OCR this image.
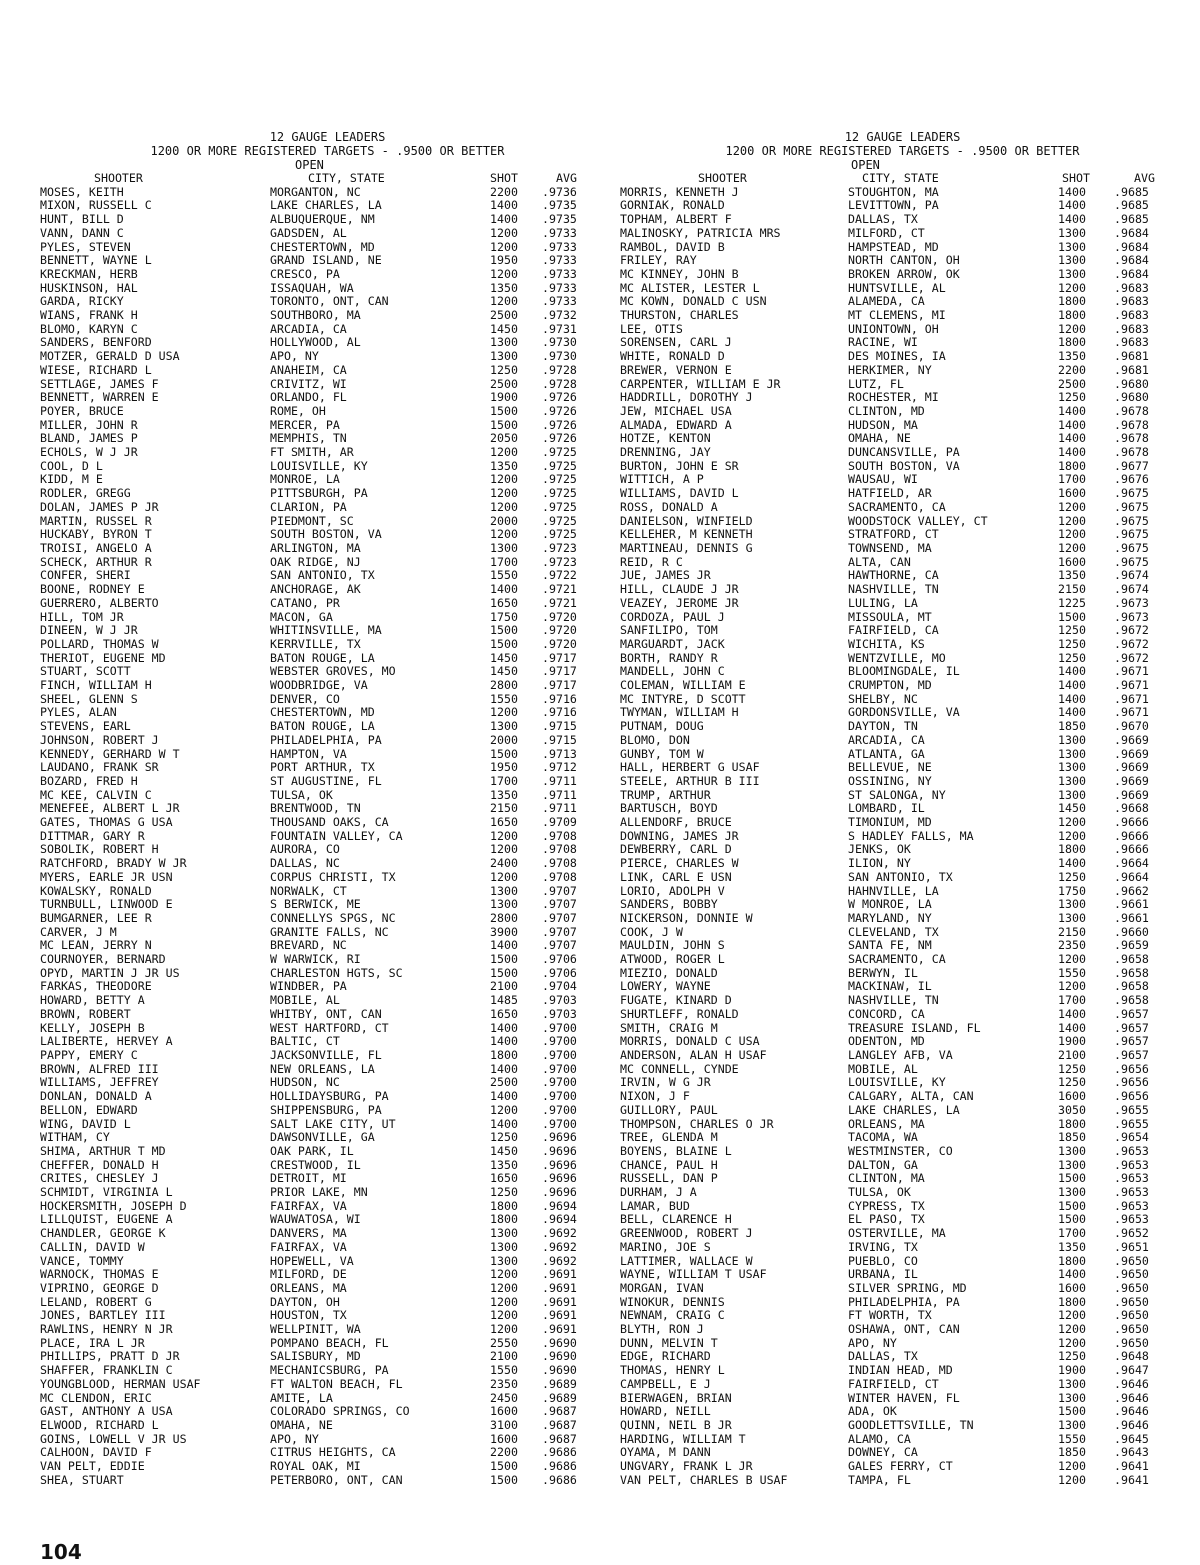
12 GAUGE LEADERS
1200 OR MORE REGISTERED TARGETS - .9500 OR BETTER
OPEN
SHOOTER	CITY, STATE	SHOT	AVG
MOSES, KEITH	MORGANTON, NC	2200	.9736
MIXON, RUSSELL C	LAKE CHARLES, LA	1400	.9735
HUNT, BILL D	ALBUQUERQUE, NM	1400	.9735
VANN, DANN C	GADSDEN, AL	1200	.9733
PYLES, STEVEN	CHESTERTOWN, MD	1200	.9733
BENNETT, WAYNE L	GRAND ISLAND, NE	1950	.9733
KRECKMAN, HERB	CRESCO, PA	1200	.9733
HUSKINSON, HAL	ISSAQUAH, WA	1350	.9733
GARDA, RICKY	TORONTO, ONT, CAN	1200	.9733
WIANS, FRANK H	SOUTHBORO, MA	2500	.9732
BLOMO, KARYN C	ARCADIA, CA	1450	.9731
SANDERS, BENFORD	HOLLYWOOD, AL	1300	.9730
MOTZER, GERALD D USA	APO, NY	1300	.9730
WIESE, RICHARD L	ANAHEIM, CA	1250	.9728
SETTLAGE, JAMES F	CRIVITZ, WI	2500	.9728
BENNETT, WARREN E	ORLANDO, FL	1900	.9726
POYER, BRUCE	ROME, OH	1500	.9726
MILLER, JOHN R	MERCER, PA	1500	.9726
BLAND, JAMES P	MEMPHIS, TN	2050	.9726
ECHOLS, W J JR	FT SMITH, AR	1200	.9725
COOL, D L	LOUISVILLE, KY	1350	.9725
KIDD, M E	MONROE, LA	1200	.9725
RODLER, GREGG	PITTSBURGH, PA	1200	.9725
DOLAN, JAMES P JR	CLARION, PA	1200	.9725
MARTIN, RUSSEL R	PIEDMONT, SC	2000	.9725
HUCKABY, BYRON T	SOUTH BOSTON, VA	1200	.9725
TROISI, ANGELO A	ARLINGTON, MA	1300	.9723
SCHECK, ARTHUR R	OAK RIDGE, NJ	1700	.9723
CONFER, SHERI	SAN ANTONIO, TX	1550	.9722
BOONE, RODNEY E	ANCHORAGE, AK	1400	.9721
GUERRERO, ALBERTO	CATANO, PR	1650	.9721
HILL, TOM JR	MACON, GA	1750	.9720
DINEEN, W J JR	WHITINSVILLE, MA	1500	.9720
POLLARD, THOMAS W	KERRVILLE, TX	1500	.9720
THERIOT, EUGENE MD	BATON ROUGE, LA	1450	.9717
STUART, SCOTT	WEBSTER GROVES, MO	1450	.9717
FINCH, WILLIAM H	WOODBRIDGE, VA	2800	.9717
SHEEL, GLENN S	DENVER, CO	1550	.9716
PYLES, ALAN	CHESTERTOWN, MD	1200	.9716
STEVENS, EARL	BATON ROUGE, LA	1300	.9715
JOHNSON, ROBERT J	PHILADELPHIA, PA	2000	.9715
KENNEDY, GERHARD W T	HAMPTON, VA	1500	.9713
LAUDANO, FRANK SR	PORT ARTHUR, TX	1950	.9712
BOZARD, FRED H	ST AUGUSTINE, FL	1700	.9711
MC KEE, CALVIN C	TULSA, OK	1350	.9711
MENEFEE, ALBERT L JR	BRENTWOOD, TN	2150	.9711
GATES, THOMAS G USA	THOUSAND OAKS, CA	1650	.9709
DITTMAR, GARY R	FOUNTAIN VALLEY, CA	1200	.9708
SOBOLIK, ROBERT H	AURORA, CO	1200	.9708
RATCHFORD, BRADY W JR	DALLAS, NC	2400	.9708
MYERS, EARLE JR USN	CORPUS CHRISTI, TX	1200	.9708
KOWALSKY, RONALD	NORWALK, CT	1300	.9707
TURNBULL, LINWOOD E	S BERWICK, ME	1300	.9707
BUMGARNER, LEE R	CONNELLYS SPGS, NC	2800	.9707
CARVER, J M	GRANITE FALLS, NC	3900	.9707
MC LEAN, JERRY N	BREVARD, NC	1400	.9707
COURNOYER, BERNARD	W WARWICK, RI	1500	.9706
OPYD, MARTIN J JR US	CHARLESTON HGTS, SC	1500	.9706
FARKAS, THEODORE	WINDBER, PA	2100	.9704
HOWARD, BETTY A	MOBILE, AL	1485	.9703
BROWN, ROBERT	WHITBY, ONT, CAN	1650	.9703
KELLY, JOSEPH B	WEST HARTFORD, CT	1400	.9700
LALIBERTE, HERVEY A	BALTIC, CT	1400	.9700
PAPPY, EMERY C	JACKSONVILLE, FL	1800	.9700
BROWN, ALFRED III	NEW ORLEANS, LA	1400	.9700
WILLIAMS, JEFFREY	HUDSON, NC	2500	.9700
DONLAN, DONALD A	HOLLIDAYSBURG, PA	1400	.9700
BELLON, EDWARD	SHIPPENSBURG, PA	1200	.9700
WING, DAVID L	SALT LAKE CITY, UT	1400	.9700
WITHAM, CY	DAWSONVILLE, GA	1250	.9696
SHIMA, ARTHUR T MD	OAK PARK, IL	1450	.9696
CHEFFER, DONALD H	CRESTWOOD, IL	1350	.9696
CRITES, CHESLEY J	DETROIT, MI	1650	.9696
SCHMIDT, VIRGINIA L	PRIOR LAKE, MN	1250	.9696
HOCKERSMITH, JOSEPH D	FAIRFAX, VA	1800	.9694
LILLQUIST, EUGENE A	WAUWATOSA, WI	1800	.9694
CHANDLER, GEORGE K	DANVERS, MA	1300	.9692
CALLIN, DAVID W	FAIRFAX, VA	1300	.9692
VANCE, TOMMY	HOPEWELL, VA	1300	.9692
WARNOCK, THOMAS E	MILFORD, DE	1200	.9691
VIPRINO, GEORGE D	ORLEANS, MA	1200	.9691
LELAND, ROBERT G	DAYTON, OH	1200	.9691
JONES, BARTLEY III	HOUSTON, TX	1200	.9691
RAWLINS, HENRY N JR	WELLPINIT, WA	1200	.9691
PLACE, IRA L JR	POMPANO BEACH, FL	2550	.9690
PHILLIPS, PRATT D JR	SALISBURY, MD	2100	.9690
SHAFFER, FRANKLIN C	MECHANICSBURG, PA	1550	.9690
YOUNGBLOOD, HERMAN USAF	FT WALTON BEACH, FL	2350	.9689
MC CLENDON, ERIC	AMITE, LA	2450	.9689
GAST, ANTHONY A USA	COLORADO SPRINGS, CO	1600	.9687
ELWOOD, RICHARD L	OMAHA, NE	3100	.9687
GOINS, LOWELL V JR US	APO, NY	1600	.9687
CALHOON, DAVID F	CITRUS HEIGHTS, CA	2200	.9686
VAN PELT, EDDIE	ROYAL OAK, MI	1500	.9686
SHEA, STUART	PETERBORO, ONT, CAN	1500	.9686
12 GAUGE LEADERS
1200 OR MORE REGISTERED TARGETS - .9500 OR BETTER
OPEN
SHOOTER	CITY, STATE	SHOT	AVG
MORRIS, KENNETH J	STOUGHTON, MA	1400	.9685
GORNIAK, RONALD	LEVITTOWN, PA	1400	.9685
TOPHAM, ALBERT F	DALLAS, TX	1400	.9685
MALINOSKY, PATRICIA MRS	MILFORD, CT	1300	.9684
RAMBOL, DAVID B	HAMPSTEAD, MD	1300	.9684
FRILEY, RAY	NORTH CANTON, OH	1300	.9684
MC KINNEY, JOHN B	BROKEN ARROW, OK	1300	.9684
MC ALISTER, LESTER L	HUNTSVILLE, AL	1200	.9683
MC KOWN, DONALD C USN	ALAMEDA, CA	1800	.9683
THURSTON, CHARLES	MT CLEMENS, MI	1800	.9683
LEE, OTIS	UNIONTOWN, OH	1200	.9683
SORENSEN, CARL J	RACINE, WI	1800	.9683
WHITE, RONALD D	DES MOINES, IA	1350	.9681
BREWER, VERNON E	HERKIMER, NY	2200	.9681
CARPENTER, WILLIAM E JR	LUTZ, FL	2500	.9680
HADDRILL, DOROTHY J	ROCHESTER, MI	1250	.9680
JEW, MICHAEL USA	CLINTON, MD	1400	.9678
ALMADA, EDWARD A	HUDSON, MA	1400	.9678
HOTZE, KENTON	OMAHA, NE	1400	.9678
DRENNING, JAY	DUNCANSVILLE, PA	1400	.9678
BURTON, JOHN E SR	SOUTH BOSTON, VA	1800	.9677
WITTICH, A P	WAUSAU, WI	1700	.9676
WILLIAMS, DAVID L	HATFIELD, AR	1600	.9675
ROSS, DONALD A	SACRAMENTO, CA	1200	.9675
DANIELSON, WINFIELD	WOODSTOCK VALLEY, CT	1200	.9675
KELLEHER, M KENNETH	STRATFORD, CT	1200	.9675
MARTINEAU, DENNIS G	TOWNSEND, MA	1200	.9675
REID, R C	ALTA, CAN	1600	.9675
JUE, JAMES JR	HAWTHORNE, CA	1350	.9674
HILL, CLAUDE J JR	NASHVILLE, TN	2150	.9674
VEAZEY, JEROME JR	LULING, LA	1225	.9673
CORDOZA, PAUL J	MISSOULA, MT	1500	.9673
SANFILIPO, TOM	FAIRFIELD, CA	1250	.9672
MARGUARDT, JACK	WICHITA, KS	1250	.9672
BORTH, RANDY R	WENTZVILLE, MO	1250	.9672
MANDELL, JOHN C	BLOOMINGDALE, IL	1400	.9671
COLEMAN, WILLIAM E	CRUMPTON, MD	1400	.9671
MC INTYRE, D SCOTT	SHELBY, NC	1400	.9671
TWYMAN, WILLIAM H	GORDONSVILLE, VA	1400	.9671
PUTNAM, DOUG	DAYTON, TN	1850	.9670
BLOMO, DON	ARCADIA, CA	1300	.9669
GUNBY, TOM W	ATLANTA, GA	1300	.9669
HALL, HERBERT G USAF	BELLEVUE, NE	1300	.9669
STEELE, ARTHUR B III	OSSINING, NY	1300	.9669
TRUMP, ARTHUR	ST SALONGA, NY	1300	.9669
BARTUSCH, BOYD	LOMBARD, IL	1450	.9668
ALLENDORF, BRUCE	TIMONIUM, MD	1200	.9666
DOWNING, JAMES JR	S HADLEY FALLS, MA	1200	.9666
DEWBERRY, CARL D	JENKS, OK	1800	.9666
PIERCE, CHARLES W	ILION, NY	1400	.9664
LINK, CARL E USN	SAN ANTONIO, TX	1250	.9664
LORIO, ADOLPH V	HAHNVILLE, LA	1750	.9662
SANDERS, BOBBY	W MONROE, LA	1300	.9661
NICKERSON, DONNIE W	MARYLAND, NY	1300	.9661
COOK, J W	CLEVELAND, TX	2150	.9660
MAULDIN, JOHN S	SANTA FE, NM	2350	.9659
ATWOOD, ROGER L	SACRAMENTO, CA	1200	.9658
MIEZIO, DONALD	BERWYN, IL	1550	.9658
LOWERY, WAYNE	MACKINAW, IL	1200	.9658
FUGATE, KINARD D	NASHVILLE, TN	1700	.9658
SHURTLEFF, RONALD	CONCORD, CA	1400	.9657
SMITH, CRAIG M	TREASURE ISLAND, FL	1400	.9657
MORRIS, DONALD C USA	ODENTON, MD	1900	.9657
ANDERSON, ALAN H USAF	LANGLEY AFB, VA	2100	.9657
MC CONNELL, CYNDE	MOBILE, AL	1250	.9656
IRVIN, W G JR	LOUISVILLE, KY	1250	.9656
NIXON, J F	CALGARY, ALTA, CAN	1600	.9656
GUILLORY, PAUL	LAKE CHARLES, LA	3050	.9655
THOMPSON, CHARLES O JR	ORLEANS, MA	1800	.9655
TREE, GLENDA M	TACOMA, WA	1850	.9654
BOYENS, BLAINE L	WESTMINSTER, CO	1300	.9653
CHANCE, PAUL H	DALTON, GA	1300	.9653
RUSSELL, DAN P	CLINTON, MA	1500	.9653
DURHAM, J A	TULSA, OK	1300	.9653
LAMAR, BUD	CYPRESS, TX	1500	.9653
BELL, CLARENCE H	EL PASO, TX	1500	.9653
GREENWOOD, ROBERT J	OSTERVILLE, MA	1700	.9652
MARINO, JOE S	IRVING, TX	1350	.9651
LATTIMER, WALLACE W	PUEBLO, CO	1800	.9650
WAYNE, WILLIAM T USAF	URBANA, IL	1400	.9650
MORGAN, IVAN	SILVER SPRING, MD	1600	.9650
WINOKUR, DENNIS	PHILADELPHIA, PA	1800	.9650
NEWNAM, CRAIG C	FT WORTH, TX	1200	.9650
BLYTH, RON J	OSHAWA, ONT, CAN	1200	.9650
DUNN, MELVIN T	APO, NY	1200	.9650
EDGE, RICHARD	DALLAS, TX	1250	.9648
THOMAS, HENRY L	INDIAN HEAD, MD	1900	.9647
CAMPBELL, E J	FAIRFIELD, CT	1300	.9646
BIERWAGEN, BRIAN	WINTER HAVEN, FL	1300	.9646
HOWARD, NEILL	ADA, OK	1500	.9646
QUINN, NEIL B JR	GOODLETTSVILLE, TN	1300	.9646
HARDING, WILLIAM T	ALAMO, CA	1550	.9645
OYAMA, M DANN	DOWNEY, CA	1850	.9643
UNGVARY, FRANK L JR	GALES FERRY, CT	1200	.9641
VAN PELT, CHARLES B USAF	TAMPA, FL	1200	.9641
104
